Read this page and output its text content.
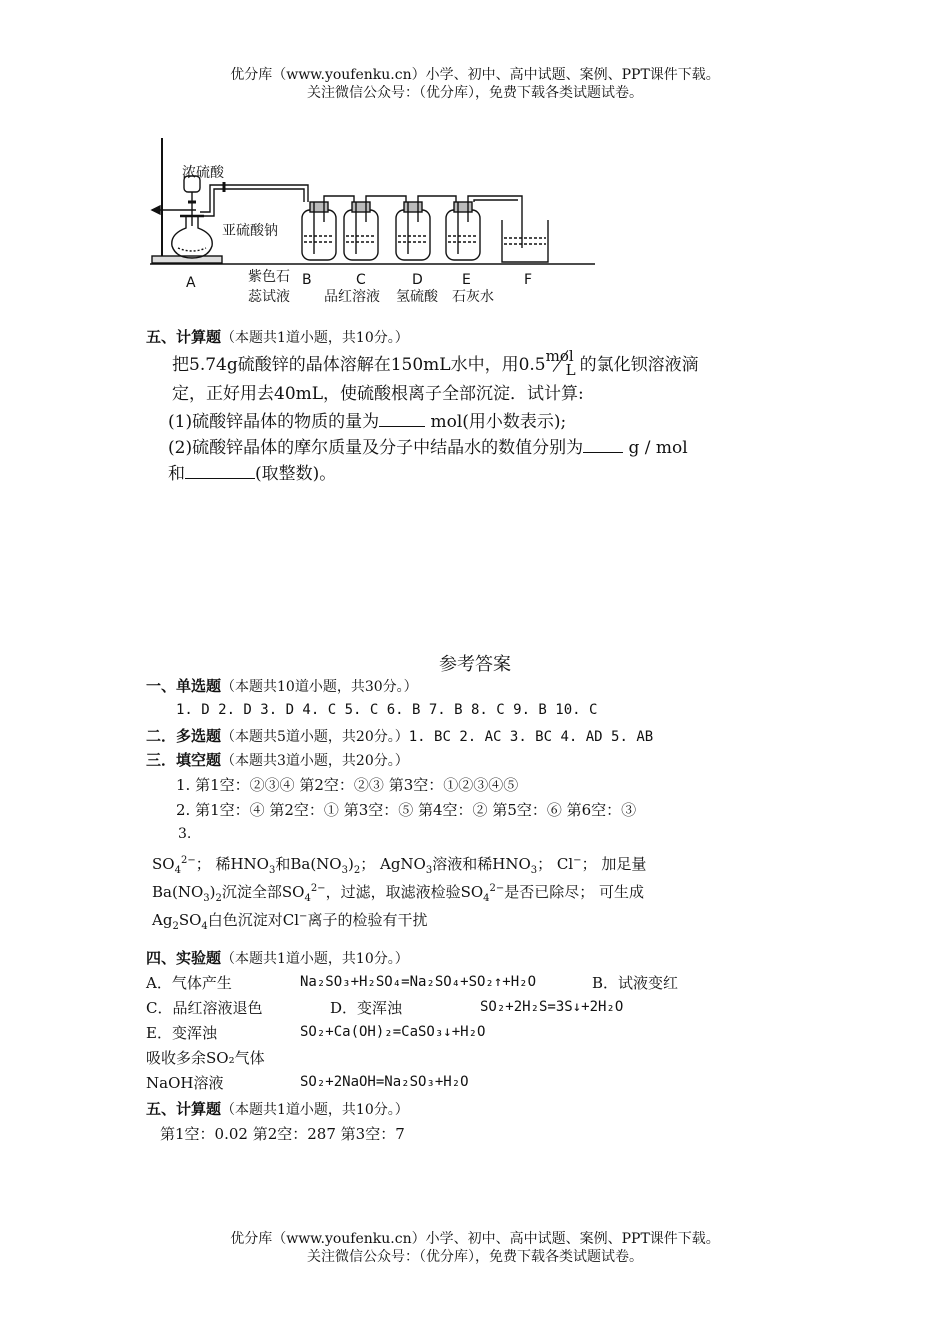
优分库（www.youfenku.cn）小学、初中、高中试题、案例、PPT课件下载。
关注微信公众号：（优分库），免费下载各类试题试卷。
浓硫酸
亚硫酸钠
A	B	C	D	E	F
紫色石
蕊试液 品红溶液 氢硫酸 石灰水
五、计算题（本题共1道小题，共10分。）
把5.74g硫酸锌的晶体溶解在150mL水中，用0.5 mol
L 的氯化钡溶液滴
定，正好用去40mL，使硫酸根离子全部沉淀．试计算:
(1)硫酸锌晶体的物质的量为	mol(用小数表示);
(2)硫酸锌晶体的摩尔质量及分子中结晶水的数值分别为 g / mol
和	(取整数)。
参考答案
一、单选题（本题共10道小题，共30分。）
1. D 2. D 3. D 4. C 5. C 6. B 7. B 8. C 9. B 10. C
二．多选题（本题共5道小题，共20分。）1. BC 2. AC 3. BC 4. AD 5. AB
三．填空题（本题共3道小题，共20分。）
1. 第1空：②③④ 第2空：②③ 第3空：①②③④⑤
2. 第1空：④ 第2空：① 第3空：⑤ 第4空：② 第5空：⑥ 第6空：③
3.
$SO_4^{2-}$； 稀$HNO_3$和$Ba(NO_3)_2$； AgNO$_3$溶液和稀$HNO_3$； Cl−； 加足量
$Ba(NO_3)_2$沉淀全部$SO_4^{2-}$，过滤，取滤液检验$SO_4^{2-}$是否已除尽； 可生成
$Ag_2SO_4$白色沉淀对Cl−离子的检验有干扰
四、实验题（本题共1道小题，共10分。）
A．气体产生	Na₂SO₃+H₂SO₄=Na₂SO₄+SO₂↑+H₂O	B．试液变红
C．品红溶液退色	D．变浑浊	SO₂+2H₂S=3S↓+2H₂O
E．变浑浊	SO₂+Ca(OH)₂=CaSO₃↓+H₂O
吸收多余SO₂气体
NaOH溶液	SO₂+2NaOH=Na₂SO₃+H₂O
五、计算题（本题共1道小题，共10分。）
第1空：0.02 第2空：287 第3空：7
优分库（www.youfenku.cn）小学、初中、高中试题、案例、PPT课件下载。
关注微信公众号：（优分库），免费下载各类试题试卷。
